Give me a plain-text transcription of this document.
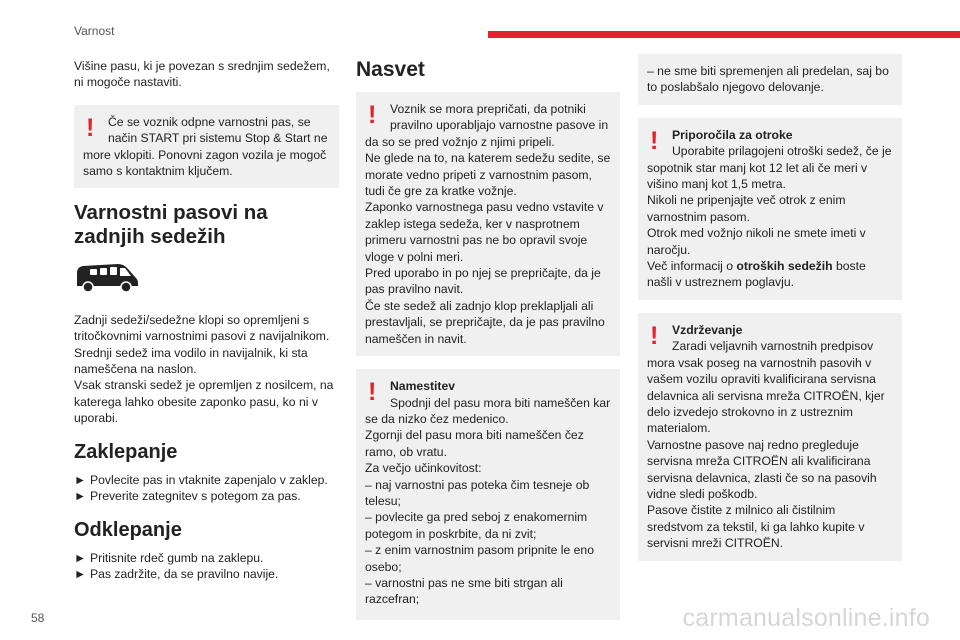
Varnost

Višine pasu, ki je povezan s srednjim sedežem, ni mogoče nastaviti.

!	Če se voznik odpne varnostni pas, se način START pri sistemu Stop & Start ne more vklopiti. Ponovni zagon vozila je mogoč samo s kontaktnim ključem.
Varnostni pasovi na zadnjih sedežih

Zadnji sedeži/sedežne klopi so opremljeni s tritočkovnimi varnostnimi pasovi z navijalnikom.
Srednji sedež ima vodilo in navijalnik, ki sta nameščena na naslon.
Vsak stranski sedež je opremljen z nosilcem, na katerega lahko obesite zaponko pasu, ko ni v uporabi.

Zaklepanje
► Povlecite pas in vtaknite zapenjalo v zaklep.
► Preverite zategnitev s potegom za pas.
Odklepanje
► Pritisnite rdeč gumb na zaklepu.
► Pas zadržite, da se pravilno navije.
Nasvet
!	Voznik se mora prepričati, da potniki pravilno uporabljajo varnostne pasove in da so se pred vožnjo z njimi pripeli.
Ne glede na to, na katerem sedežu sedite, se morate vedno pripeti z varnostnim pasom, tudi če gre za kratke vožnje.
Zaponko varnostnega pasu vedno vstavite v zaklep istega sedeža, ker v nasprotnem primeru varnostni pas ne bo opravil svoje vloge v polni meri.
Pred uporabo in po njej se prepričajte, da je pas pravilno navit.
Če ste sedež ali zadnjo klop preklapljali ali prestavljali, se prepričajte, da je pas pravilno nameščen in navit.
!	Namestitev
Spodnji del pasu mora biti nameščen kar se da nizko čez medenico.
Zgornji del pasu mora biti nameščen čez ramo, ob vratu.
Za večjo učinkovitost:
– naj varnostni pas poteka čim tesneje ob telesu;
– povlecite ga pred seboj z enakomernim potegom in poskrbite, da ni zvit;
– z enim varnostnim pasom pripnite le eno osebo;
– varnostni pas ne sme biti strgan ali razcefran;
– ne sme biti spremenjen ali predelan, saj bo to poslabšalo njegovo delovanje.
!	Priporočila za otroke
Uporabite prilagojeni otroški sedež, če je sopotnik star manj kot 12 let ali če meri v višino manj kot 1,5 metra.
Nikoli ne pripenjajte več otrok z enim varnostnim pasom.
Otrok med vožnjo nikoli ne smete imeti v naročju.
Več informacij o otroških sedežih boste našli v ustreznem poglavju.
!	Vzdrževanje
Zaradi veljavnih varnostnih predpisov mora vsak poseg na varnostnih pasovih v vašem vozilu opraviti kvalificirana servisna delavnica ali servisna mreža CITROËN, kjer delo izvedejo strokovno in z ustreznim materialom.
Varnostne pasove naj redno pregleduje servisna mreža CITROËN ali kvalificirana servisna delavnica, zlasti če so na pasovih vidne sledi poškodb.
Pasove čistite z milnico ali čistilnim sredstvom za tekstil, ki ga lahko kupite v servisni mreži CITROËN.
58	carmanualsonline.info
